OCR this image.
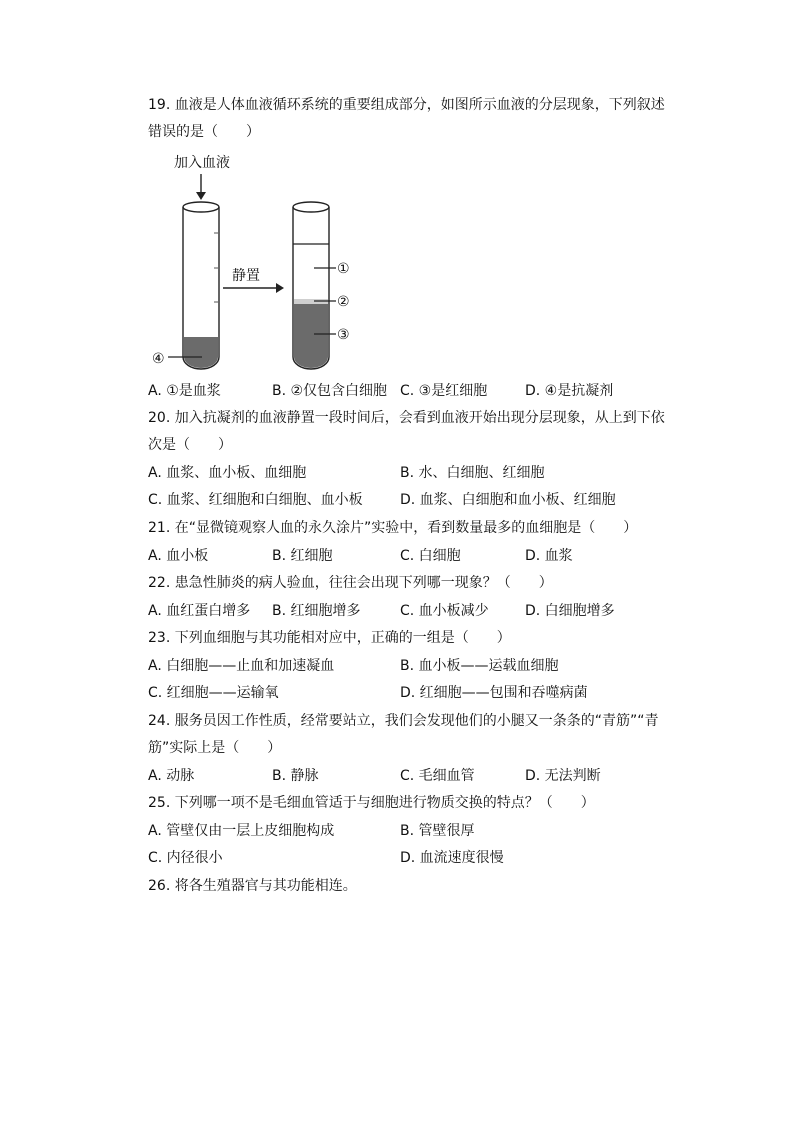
19. 血液是人体血液循环系统的重要组成部分，如图所示血液的分层现象，下列叙述
错误的是（　　）
加入血液
④
静置	①
②
③
A. ①是血浆	B. ②仅包含白细胞 C. ③是红细胞	D. ④是抗凝剂
20. 加入抗凝剂的血液静置一段时间后，会看到血液开始出现分层现象，从上到下依
次是（　　）
A. 血浆、血小板、血细胞	B. 水、白细胞、红细胞
C. 血浆、红细胞和白细胞、血小板	D. 血浆、白细胞和血小板、红细胞
21. 在“显微镜观察人血的永久涂片”实验中，看到数量最多的血细胞是（　　）
A. 血小板	B. 红细胞	C. 白细胞	D. 血浆
22. 患急性肺炎的病人验血，往往会出现下列哪一现象？（　　）
A. 血红蛋白增多 B. 红细胞增多	C. 血小板减少	D. 白细胞增多
23. 下列血细胞与其功能相对应中，正确的一组是（　　）
A. 白细胞——止血和加速凝血	B. 血小板——运载血细胞
C. 红细胞——运输氧	D. 红细胞——包围和吞噬病菌
24. 服务员因工作性质，经常要站立，我们会发现他们的小腿又一条条的“青筋”“青
筋”实际上是（　　）
A. 动脉	B. 静脉	C. 毛细血管	D. 无法判断
25. 下列哪一项不是毛细血管适于与细胞进行物质交换的特点？（　　）
A. 管壁仅由一层上皮细胞构成	B. 管壁很厚
C. 内径很小	D. 血流速度很慢
26. 将各生殖器官与其功能相连。
